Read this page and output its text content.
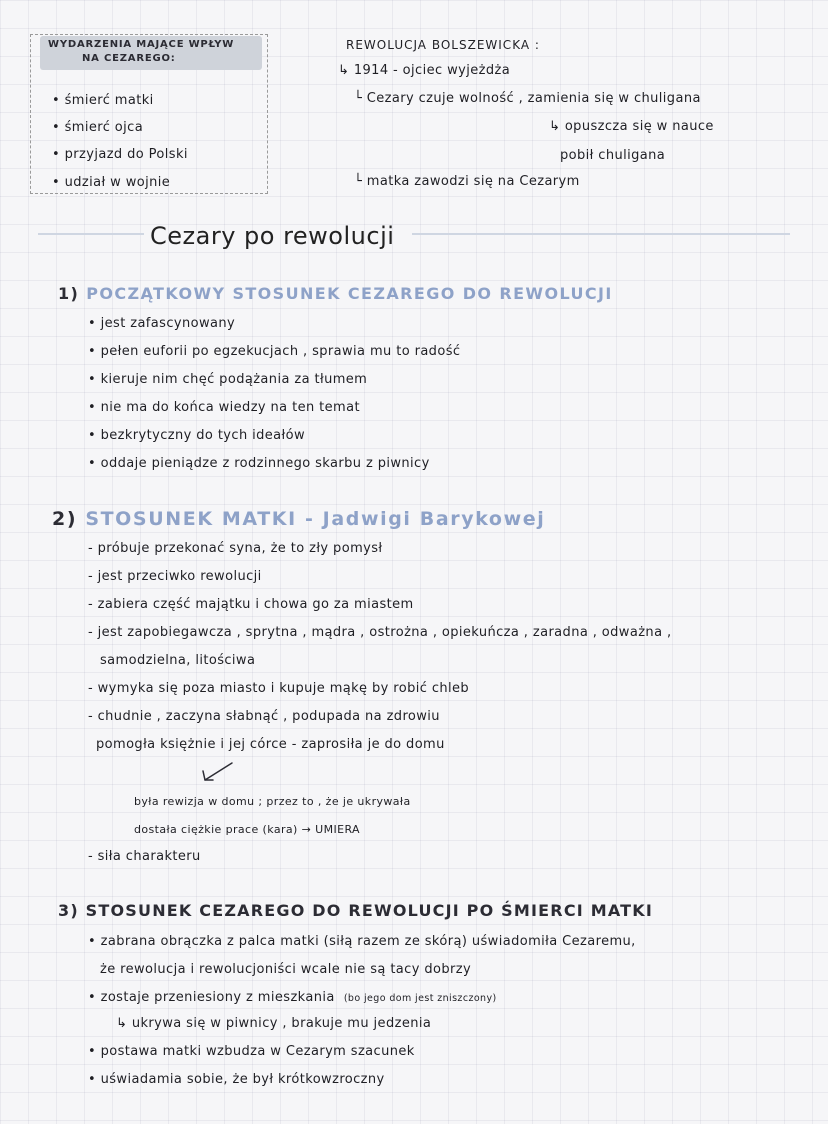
WYDARZENIA MAJĄCE WPŁYW
NA CEZAREGO:
• śmierć matki
• śmierć ojca
• przyjazd do Polski
• udział w wojnie
REWOLUCJA BOLSZEWICKA :
↳ 1914 - ojciec wyjeżdża
└ Cezary czuje wolność , zamienia się w chuligana
↳ opuszcza się w nauce
pobił chuligana
└ matka zawodzi się na Cezarym
Cezary po rewolucji
1) POCZĄTKOWY STOSUNEK CEZAREGO DO REWOLUCJI
• jest zafascynowany
• pełen euforii po egzekucjach , sprawia mu to radość
• kieruje nim chęć podążania za tłumem
• nie ma do końca wiedzy na ten temat
• bezkrytyczny do tych ideałów
• oddaje pieniądze z rodzinnego skarbu z piwnicy
2) STOSUNEK MATKI - Jadwigi Barykowej
- próbuje przekonać syna, że to zły pomysł
- jest przeciwko rewolucji
- zabiera część majątku i chowa go za miastem
- jest zapobiegawcza , sprytna , mądra , ostrożna , opiekuńcza , zaradna , odważna ,
samodzielna, litościwa
- wymyka się poza miasto i kupuje mąkę by robić chleb
- chudnie , zaczyna słabnąć , podupada na zdrowiu
pomogła księżnie i jej córce - zaprosiła je do domu
była rewizja w domu ; przez to , że je ukrywała
dostała ciężkie prace (kara) → UMIERA
- siła charakteru
3) STOSUNEK CEZAREGO DO REWOLUCJI PO ŚMIERCI MATKI
• zabrana obrączka z palca matki (siłą razem ze skórą) uświadomiła Cezaremu,
że rewolucja i rewolucjoniści wcale nie są tacy dobrzy
• zostaje przeniesiony z mieszkania (bo jego dom jest zniszczony)
↳ ukrywa się w piwnicy , brakuje mu jedzenia
• postawa matki wzbudza w Cezarym szacunek
• uświadamia sobie, że był krótkowzroczny
